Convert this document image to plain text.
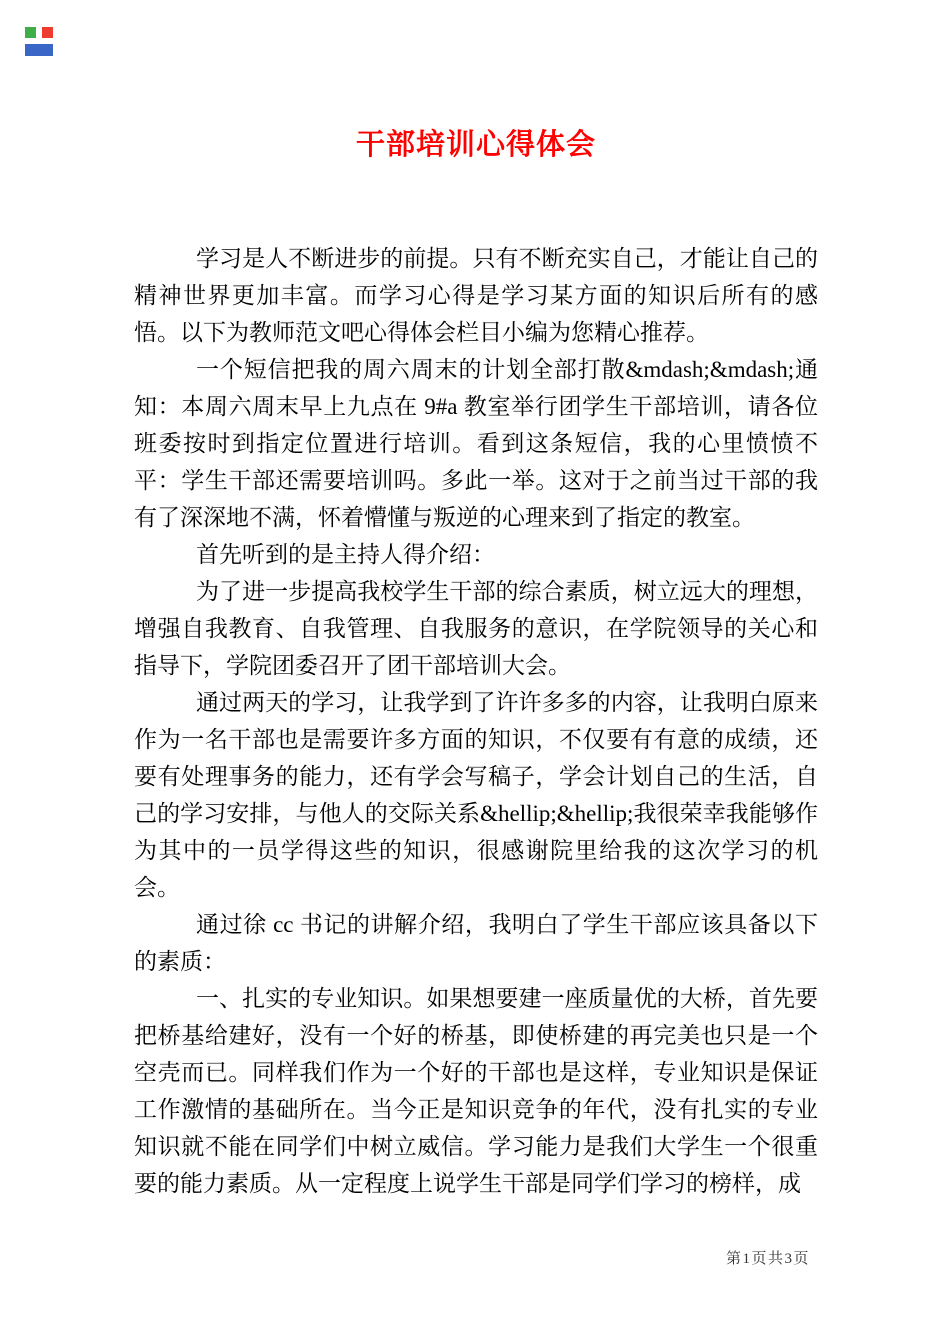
干部培训心得体会

学习是人不断进步的前提。只有不断充实自己，才能让自己的精神世界更加丰富。而学习心得是学习某方面的知识后所有的感悟。以下为教师范文吧心得体会栏目小编为您精心推荐。

一个短信把我的周六周末的计划全部打散&mdash;&mdash;通知：本周六周末早上九点在 9#a 教室举行团学生干部培训，请各位班委按时到指定位置进行培训。看到这条短信，我的心里愤愤不平：学生干部还需要培训吗。多此一举。这对于之前当过干部的我有了深深地不满，怀着懵懂与叛逆的心理来到了指定的教室。

首先听到的是主持人得介绍：

为了进一步提高我校学生干部的综合素质，树立远大的理想，增强自我教育、自我管理、自我服务的意识，在学院领导的关心和指导下，学院团委召开了团干部培训大会。

通过两天的学习，让我学到了许许多多的内容，让我明白原来作为一名干部也是需要许多方面的知识，不仅要有有意的成绩，还要有处理事务的能力，还有学会写稿子，学会计划自己的生活，自己的学习安排，与他人的交际关系&hellip;&hellip;我很荣幸我能够作为其中的一员学得这些的知识，很感谢院里给我的这次学习的机会。

通过徐 cc 书记的讲解介绍，我明白了学生干部应该具备以下的素质：

一、扎实的专业知识。如果想要建一座质量优的大桥，首先要把桥基给建好，没有一个好的桥基，即使桥建的再完美也只是一个空壳而已。同样我们作为一个好的干部也是这样，专业知识是保证工作激情的基础所在。当今正是知识竞争的年代，没有扎实的专业知识就不能在同学们中树立威信。学习能力是我们大学生一个很重要的能力素质。从一定程度上说学生干部是同学们学习的榜样，成

第1页共3页
